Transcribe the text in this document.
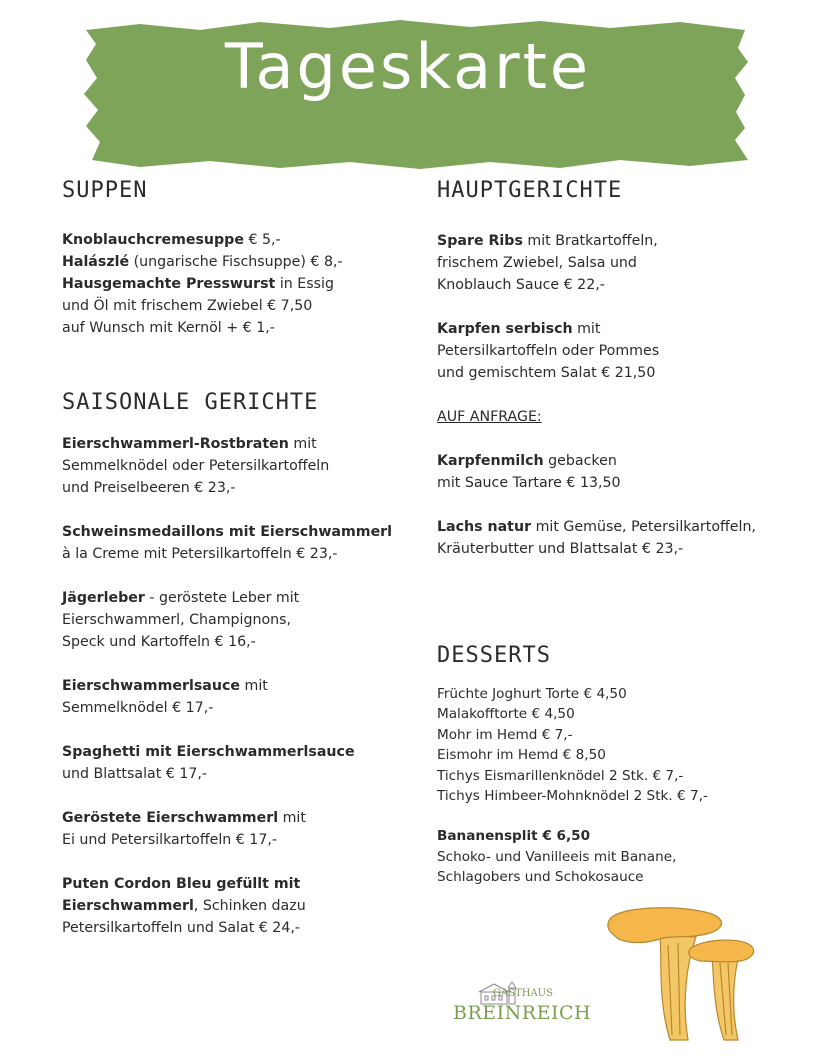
Tageskarte
SUPPEN
Knoblauchcremesuppe € 5,-
Halászlé (ungarische Fischsuppe) € 8,-
Hausgemachte Presswurst in Essig
und Öl mit frischem Zwiebel € 7,50
auf Wunsch mit Kernöl + € 1,-
SAISONALE GERICHTE
Eierschwammerl-Rostbraten mit
Semmelknödel oder Petersilkartoffeln
und Preiselbeeren € 23,-
Schweinsmedaillons mit Eierschwammerl
à la Creme mit Petersilkartoffeln € 23,-
Jägerleber - geröstete Leber mit
Eierschwammerl, Champignons,
Speck und Kartoffeln € 16,-
Eierschwammerlsauce mit
Semmelknödel € 17,-
Spaghetti mit Eierschwammerlsauce
und Blattsalat € 17,-
Geröstete Eierschwammerl mit
Ei und Petersilkartoffeln € 17,-
Puten Cordon Bleu gefüllt mit
Eierschwammerl, Schinken dazu
Petersilkartoffeln und Salat € 24,-
HAUPTGERICHTE
Spare Ribs mit Bratkartoffeln,
frischem Zwiebel, Salsa und
Knoblauch Sauce € 22,-
Karpfen serbisch mit
Petersilkartoffeln oder Pommes
und gemischtem Salat € 21,50
AUF ANFRAGE:
Karpfenmilch gebacken
mit Sauce Tartare € 13,50
Lachs natur mit Gemüse, Petersilkartoffeln,
Kräuterbutter und Blattsalat € 23,-
DESSERTS
Früchte Joghurt Torte € 4,50
Malakofftorte € 4,50
Mohr im Hemd € 7,-
Eismohr im Hemd € 8,50
Tichys Eismarillenknödel 2 Stk. € 7,-
Tichys Himbeer-Mohnknödel 2 Stk. € 7,-
Bananensplit € 6,50
Schoko- und Vanilleeis mit Banane,
Schlagobers und Schokosauce
GASTHAUS
BREINREICH
